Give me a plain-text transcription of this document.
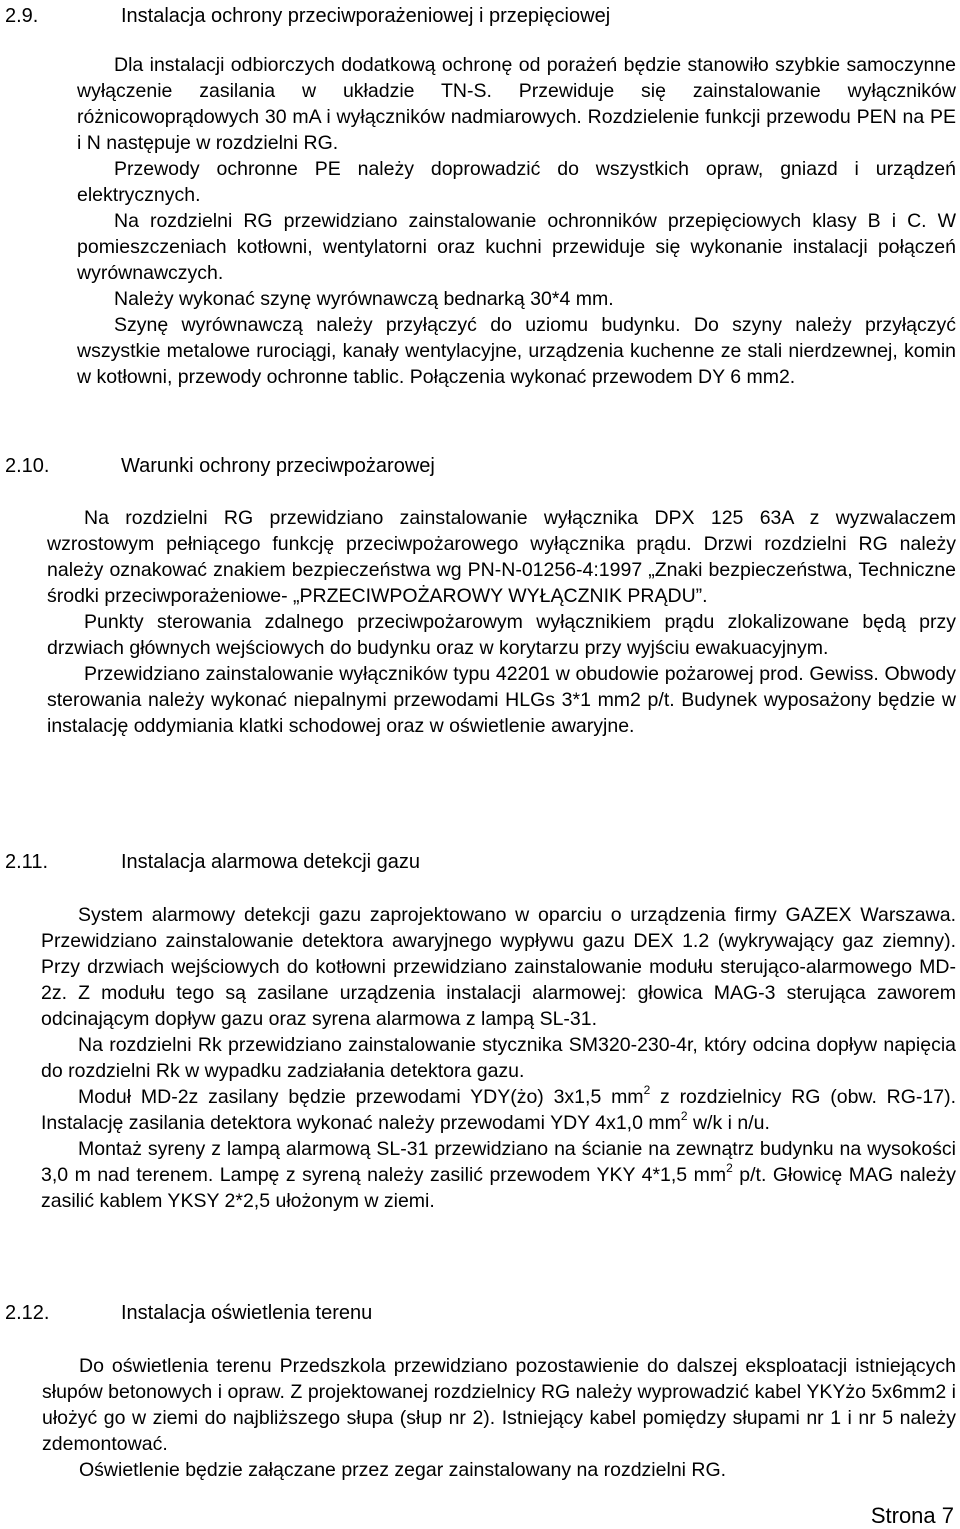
2.9.	Instalacja ochrony przeciwporażeniowej i przepięciowej

Dla instalacji odbiorczych dodatkową ochronę od porażeń będzie stanowiło szybkie samoczynne wyłączenie zasilania w układzie TN-S. Przewiduje się zainstalowanie wyłączników różnicowoprądowych 30 mA i wyłączników nadmiarowych. Rozdzielenie funkcji przewodu PEN na PE i N następuje w rozdzielni RG.

Przewody ochronne PE należy doprowadzić do wszystkich opraw, gniazd i urządzeń elektrycznych.

Na rozdzielni RG przewidziano zainstalowanie ochronników przepięciowych klasy B i C. W pomieszczeniach kotłowni, wentylatorni oraz kuchni przewiduje się wykonanie instalacji połączeń wyrównawczych.

Należy wykonać szynę wyrównawczą bednarką 30*4 mm.

Szynę wyrównawczą należy przyłączyć do uziomu budynku. Do szyny należy przyłączyć wszystkie metalowe rurociągi, kanały wentylacyjne, urządzenia kuchenne ze stali nierdzewnej, komin w kotłowni, przewody ochronne tablic. Połączenia wykonać przewodem DY 6 mm2.

2.10.	Warunki ochrony przeciwpożarowej

Na rozdzielni RG przewidziano zainstalowanie wyłącznika DPX 125 63A z wyzwalaczem wzrostowym pełniącego funkcję przeciwpożarowego wyłącznika prądu. Drzwi rozdzielni RG należy należy oznakować znakiem bezpieczeństwa wg PN-N-01256-4:1997 „Znaki bezpieczeństwa, Techniczne środki przeciwporażeniowe- „PRZECIWPOŻAROWY WYŁĄCZNIK PRĄDU”.

Punkty sterowania zdalnego przeciwpożarowym wyłącznikiem prądu zlokalizowane będą przy drzwiach głównych wejściowych do budynku oraz w korytarzu przy wyjściu ewakuacyjnym.

Przewidziano zainstalowanie wyłączników typu 42201 w obudowie pożarowej prod. Gewiss. Obwody sterowania należy wykonać niepalnymi przewodami HLGs 3*1 mm2 p/t. Budynek wyposażony będzie w instalację oddymiania klatki schodowej oraz w oświetlenie awaryjne.

2.11.	Instalacja alarmowa detekcji gazu

System alarmowy detekcji gazu zaprojektowano w oparciu o urządzenia firmy GAZEX Warszawa. Przewidziano zainstalowanie detektora awaryjnego wypływu gazu DEX 1.2 (wykrywający gaz ziemny). Przy drzwiach wejściowych do kotłowni przewidziano zainstalowanie modułu sterująco-alarmowego MD-2z. Z modułu tego są zasilane urządzenia instalacji alarmowej: głowica MAG-3 sterująca zaworem odcinającym dopływ gazu oraz syrena alarmowa z lampą SL-31.

Na rozdzielni Rk przewidziano zainstalowanie stycznika SM320-230-4r, który odcina dopływ napięcia do rozdzielni Rk w wypadku zadziałania detektora gazu.

Moduł MD-2z zasilany będzie przewodami YDY(żo) 3x1,5 $mm^2$ z rozdzielnicy RG (obw. RG-17). Instalację zasilania detektora wykonać należy przewodami YDY 4x1,0 $mm^2$ w/k i n/u.

Montaż syreny z lampą alarmową SL-31 przewidziano na ścianie na zewnątrz budynku na wysokości 3,0 m nad terenem. Lampę z syreną należy zasilić przewodem YKY 4*1,5 $mm^2$ p/t. Głowicę MAG należy zasilić kablem YKSY 2*2,5 ułożonym w ziemi.

2.12.	Instalacja oświetlenia terenu

Do oświetlenia terenu Przedszkola przewidziano pozostawienie do dalszej eksploatacji istniejących słupów betonowych i opraw. Z projektowanej rozdzielnicy RG należy wyprowadzić kabel YKYżo 5x6mm2 i ułożyć go w ziemi do najbliższego słupa (słup nr 2). Istniejący kabel pomiędzy słupami nr 1 i nr 5 należy zdemontować.

Oświetlenie będzie załączane przez zegar zainstalowany na rozdzielni RG.

Strona 7
